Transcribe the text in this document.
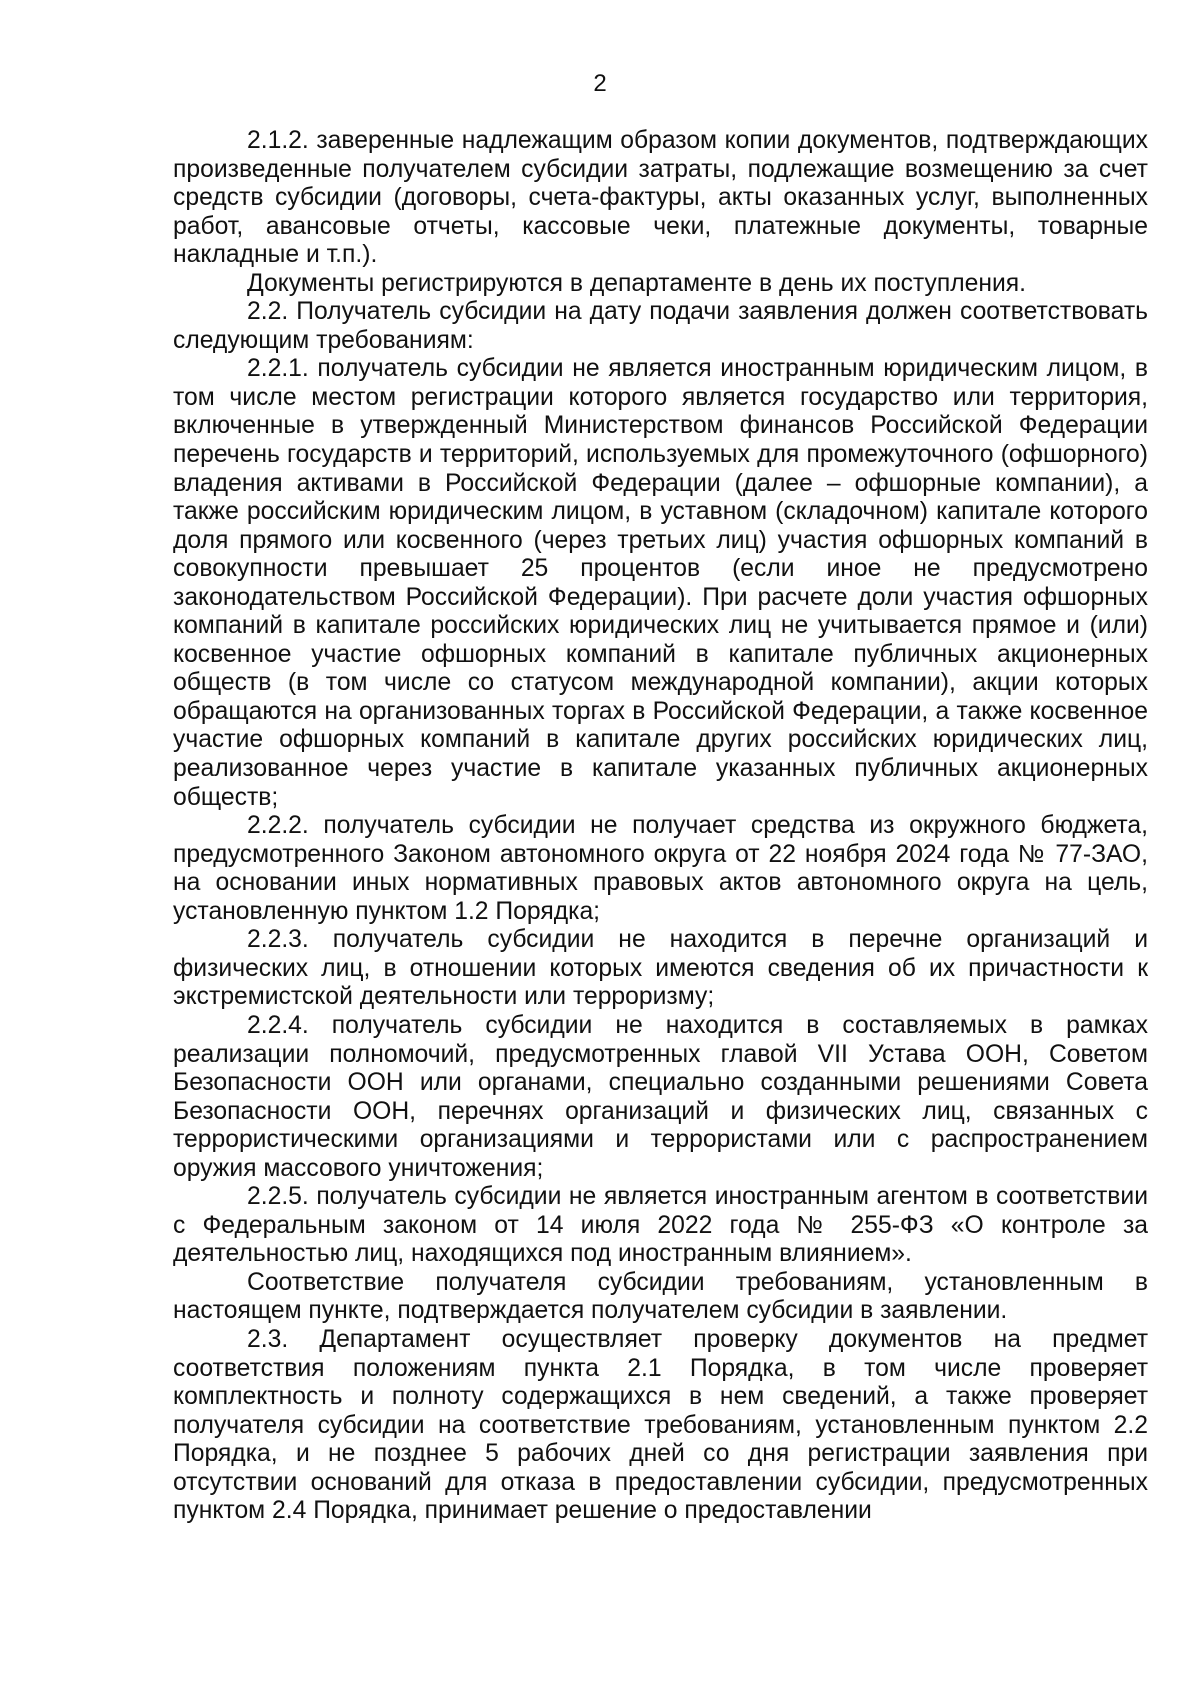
2

2.1.2. заверенные надлежащим образом копии документов, подтверждающих произведенные получателем субсидии затраты, подлежащие возмещению за счет средств субсидии (договоры, счета-фактуры, акты оказанных услуг, выполненных работ, авансовые отчеты, кассовые чеки, платежные документы, товарные накладные и т.п.).

Документы регистрируются в департаменте в день их поступления.

2.2. Получатель субсидии на дату подачи заявления должен соответствовать следующим требованиям:

2.2.1. получатель субсидии не является иностранным юридическим лицом, в том числе местом регистрации которого является государство или территория, включенные в утвержденный Министерством финансов Российской Федерации перечень государств и территорий, используемых для промежуточного (офшорного) владения активами в Российской Федерации (далее – офшорные компании), а также российским юридическим лицом, в уставном (складочном) капитале которого доля прямого или косвенного (через третьих лиц) участия офшорных компаний в совокупности превышает 25 процентов (если иное не предусмотрено законодательством Российской Федерации). При расчете доли участия офшорных компаний в капитале российских юридических лиц не учитывается прямое и (или) косвенное участие офшорных компаний в капитале публичных акционерных обществ (в том числе со статусом международной компании), акции которых обращаются на организованных торгах в Российской Федерации, а также косвенное участие офшорных компаний в капитале других российских юридических лиц, реализованное через участие в капитале указанных публичных акционерных обществ;

2.2.2. получатель субсидии не получает средства из окружного бюджета, предусмотренного Законом автономного округа от 22 ноября 2024 года № 77-ЗАО, на основании иных нормативных правовых актов автономного округа на цель, установленную пунктом 1.2 Порядка;

2.2.3. получатель субсидии не находится в перечне организаций и физических лиц, в отношении которых имеются сведения об их причастности к экстремистской деятельности или терроризму;

2.2.4. получатель субсидии не находится в составляемых в рамках реализации полномочий, предусмотренных главой VII Устава ООН, Советом Безопасности ООН или органами, специально созданными решениями Совета Безопасности ООН, перечнях организаций и физических лиц, связанных с террористическими организациями и террористами или с распространением оружия массового уничтожения;

2.2.5. получатель субсидии не является иностранным агентом в соответствии с Федеральным законом от 14 июля 2022 года № 255-ФЗ «О контроле за деятельностью лиц, находящихся под иностранным влиянием».

Соответствие получателя субсидии требованиям, установленным в настоящем пункте, подтверждается получателем субсидии в заявлении.

2.3. Департамент осуществляет проверку документов на предмет соответствия положениям пункта 2.1 Порядка, в том числе проверяет комплектность и полноту содержащихся в нем сведений, а также проверяет получателя субсидии на соответствие требованиям, установленным пунктом 2.2 Порядка, и не позднее 5 рабочих дней со дня регистрации заявления при отсутствии оснований для отказа в предоставлении субсидии, предусмотренных пунктом 2.4 Порядка, принимает решение о предоставлении
